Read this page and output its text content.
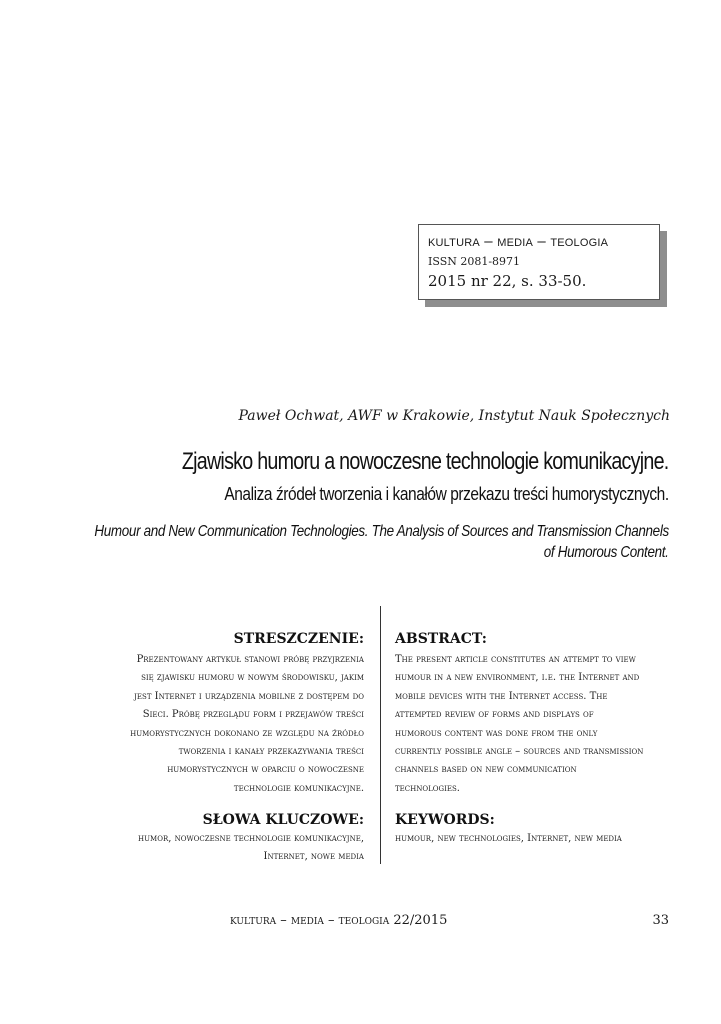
kultura – media – teologia
ISSN 2081-8971
2015 nr 22, s. 33-50.
Paweł Ochwat, AWF w Krakowie, Instytut Nauk Społecznych
Zjawisko humoru a nowoczesne technologie komunikacyjne.
Analiza źródeł tworzenia i kanałów przekazu treści humorystycznych.
Humour and New Communication Technologies. The Analysis of Sources and Transmission Channels
of Humorous Content.
STRESZCZENIE:
Prezentowany artykuł stanowi próbę przyjrzenia
się zjawisku humoru w nowym środowisku, jakim
jest Internet i urządzenia mobilne z dostępem do
Sieci. Próbę przeglądu form i przejawów treści
humorystycznych dokonano ze względu na źródło
tworzenia i kanały przekazywania treści
humorystycznych w oparciu o nowoczesne
technologie komunikacyjne.
ABSTRACT:
The present article constitutes an attempt to view
humour in a new environment, i.e. the Internet and
mobile devices with the Internet access. The
attempted review of forms and displays of
humorous content was done from the only
currently possible angle – sources and transmission
channels based on new communication
technologies.
SŁOWA KLUCZOWE:
humor, nowoczesne technologie komunikacyjne,
Internet, nowe media
KEYWORDS:
humour, new technologies, Internet, new media
kultura – media – teologia 22/2015	33
